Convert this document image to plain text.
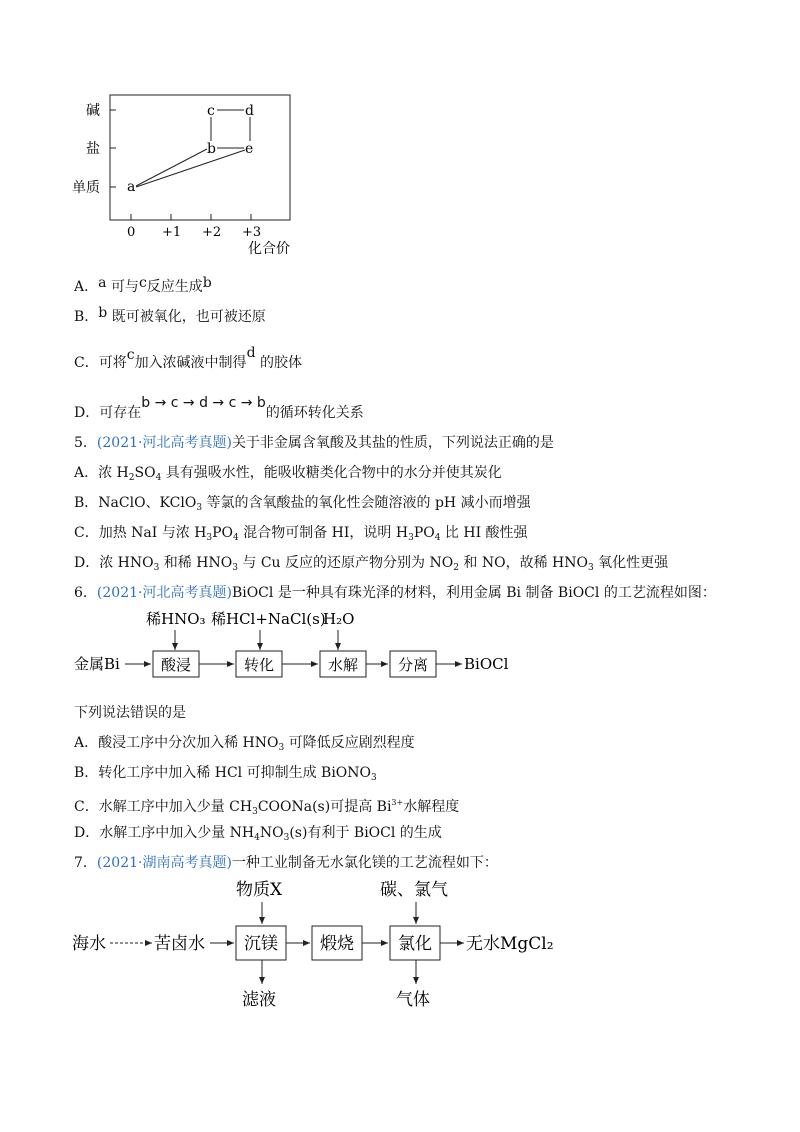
碱
盐
单质
0 +1 +2 +3
化合价
a
b
c d
e
A．a 可与c反应生成b
B．b 既可被氧化，也可被还原
C．可将c加入浓碱液中制得d 的胶体
D．可存在b → c → d → c → b的循环转化关系
5．(2021·河北高考真题)关于非金属含氧酸及其盐的性质，下列说法正确的是
A．浓 $H_2SO_4$ 具有强吸水性，能吸收糖类化合物中的水分并使其炭化
B．NaClO、KClO$_3$ 等氯的含氧酸盐的氧化性会随溶液的 pH 减小而增强
C．加热 NaI 与浓 $H_3PO_4$ 混合物可制备 HI，说明 $H_3PO_4$ 比 HI 酸性强
D．浓 $HNO_3$ 和稀 $HNO_3$ 与 Cu 反应的还原产物分别为 $NO_2$ 和 NO，故稀 $HNO_3$ 氧化性更强
6．(2021·河北高考真题)BiOCl 是一种具有珠光泽的材料，利用金属 Bi 制备 BiOCl 的工艺流程如图：
稀HNO₃ 稀HCl+NaCl(s)
H₂O
金属Bi	酸浸	转化	水解	分离 BiOCl
下列说法错误的是
A．酸浸工序中分次加入稀 $HNO_3$ 可降低反应剧烈程度
B．转化工序中加入稀 HCl 可抑制生成 BiONO$_3$
C．水解工序中加入少量 $CH_3COONa(s)$可提高 $Bi^{3+}$水解程度
D．水解工序中加入少量 $NH_4NO_3(s)$有利于 BiOCl 的生成
7．(2021·湖南高考真题)一种工业制备无水氯化镁的工艺流程如下：
物质X	碳、氯气
海水	苦卤水 沉镁 煅烧	氯化 无水MgCl₂
滤液	气体
